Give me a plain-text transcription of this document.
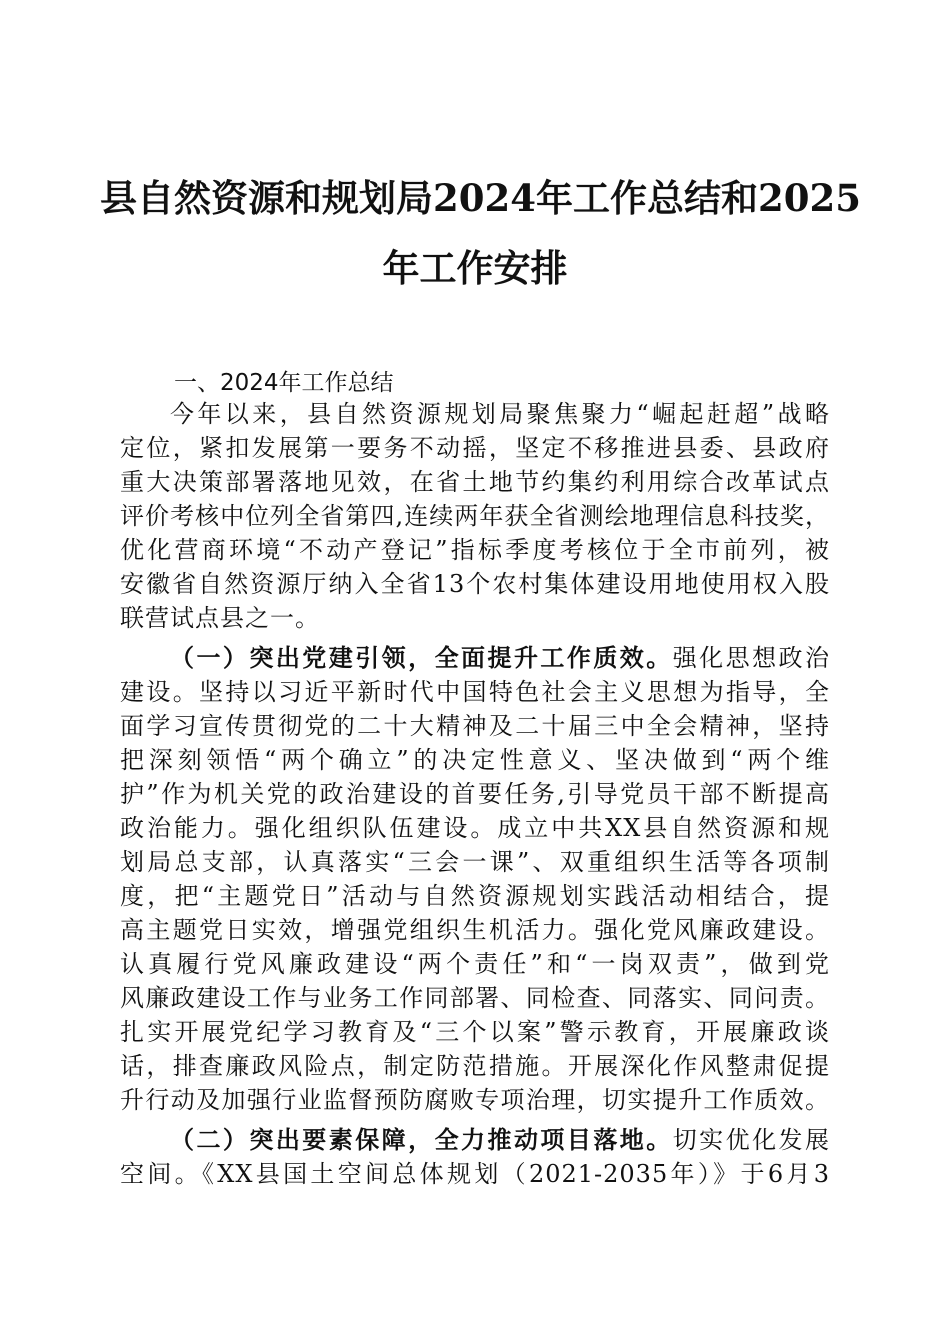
县自然资源和规划局2024年工作总结和2025
年工作安排
一、2024年工作总结
今年以来，县自然资源规划局聚焦聚力“崛起赶超”战略
定位，紧扣发展第一要务不动摇，坚定不移推进县委、县政府
重大决策部署落地见效，在省土地节约集约利用综合改革试点
评价考核中位列全省第四,连续两年获全省测绘地理信息科技奖，
优化营商环境“不动产登记”指标季度考核位于全市前列，被
安徽省自然资源厅纳入全省13个农村集体建设用地使用权入股
联营试点县之一。
（一）突出党建引领，全面提升工作质效。强化思想政治
建设。坚持以习近平新时代中国特色社会主义思想为指导，全
面学习宣传贯彻党的二十大精神及二十届三中全会精神，坚持
把深刻领悟“两个确立”的决定性意义、坚决做到“两个维
护”作为机关党的政治建设的首要任务,引导党员干部不断提高
政治能力。强化组织队伍建设。成立中共XX县自然资源和规
划局总支部，认真落实“三会一课”、双重组织生活等各项制
度，把“主题党日”活动与自然资源规划实践活动相结合，提
高主题党日实效，增强党组织生机活力。强化党风廉政建设。
认真履行党风廉政建设“两个责任”和“一岗双责”，做到党
风廉政建设工作与业务工作同部署、同检查、同落实、同问责。
扎实开展党纪学习教育及“三个以案”警示教育，开展廉政谈
话，排查廉政风险点，制定防范措施。开展深化作风整肃促提
升行动及加强行业监督预防腐败专项治理，切实提升工作质效。
（二）突出要素保障，全力推动项目落地。切实优化发展
空间。《XX县国土空间总体规划（2021-2035年）》于6月3
